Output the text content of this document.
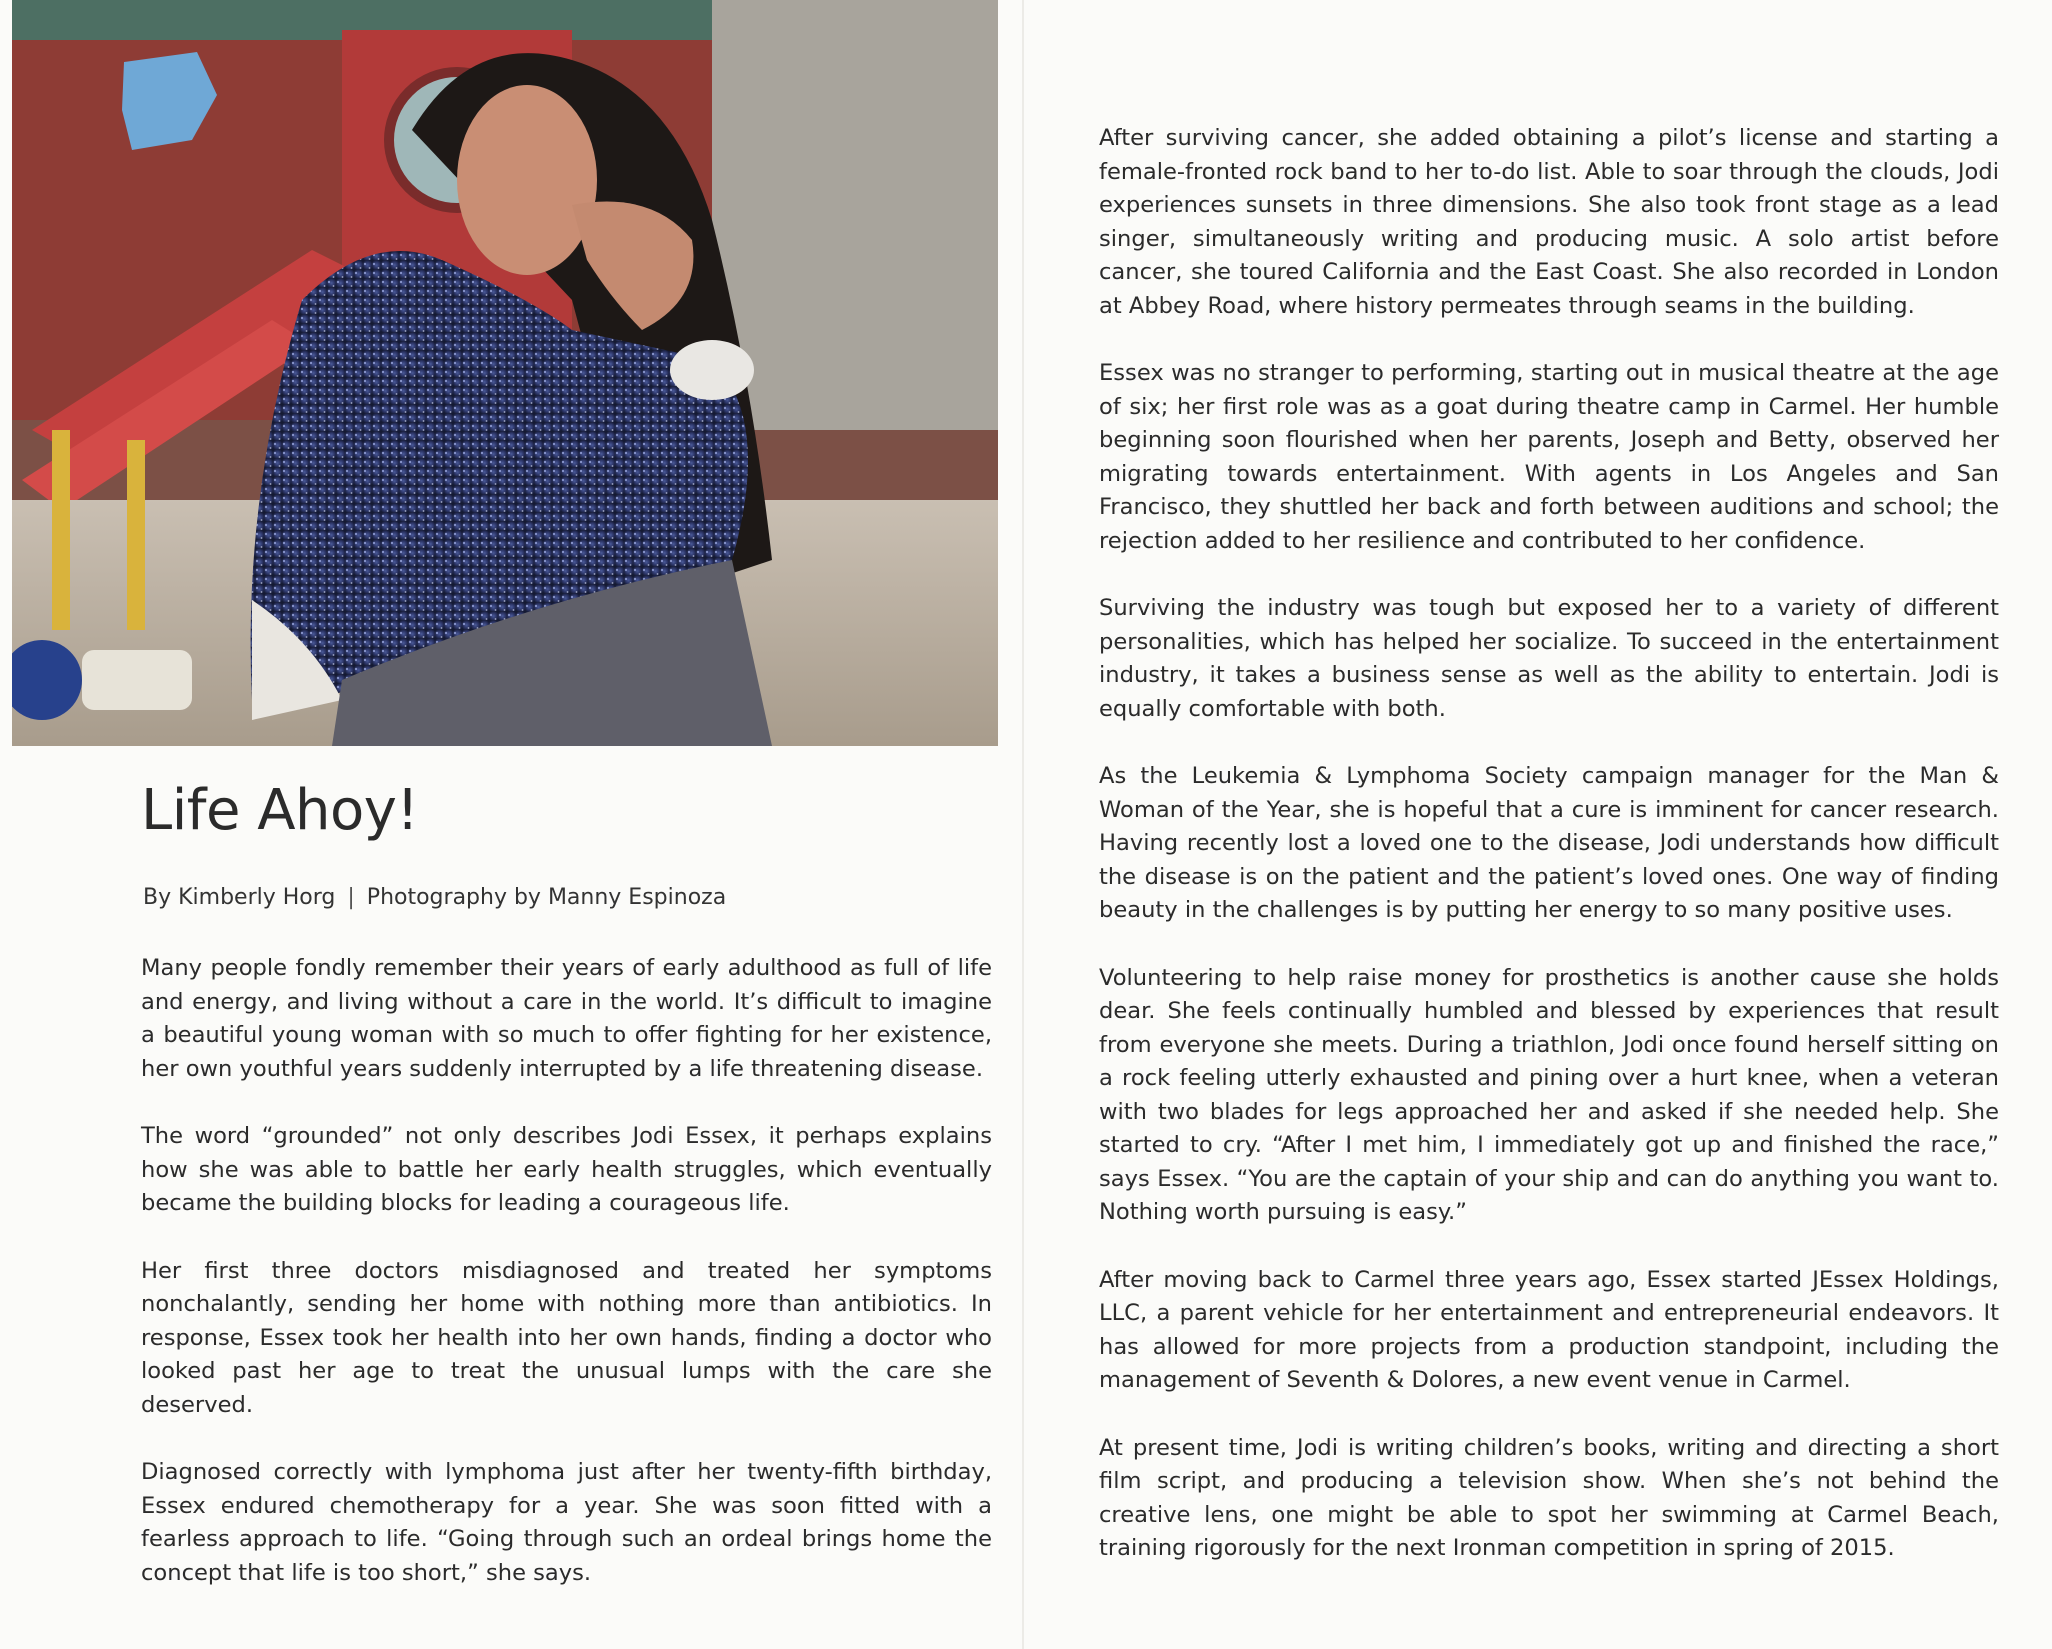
Life Ahoy!

By Kimberly Horg | Photography by Manny Espinoza

Many people fondly remember their years of early adulthood as full of life and energy, and living without a care in the world. It’s difficult to imagine a beautiful young woman with so much to offer fighting for her existence, her own youthful years suddenly interrupted by a life threatening disease.

The word “grounded” not only describes Jodi Essex, it perhaps explains how she was able to battle her early health struggles, which eventually became the building blocks for leading a courageous life.

Her first three doctors misdiagnosed and treated her symptoms nonchalantly, sending her home with nothing more than antibiotics. In response, Essex took her health into her own hands, finding a doctor who looked past her age to treat the unusual lumps with the care she deserved.

Diagnosed correctly with lymphoma just after her twenty-fifth birthday, Essex endured chemotherapy for a year. She was soon fitted with a fearless approach to life. “Going through such an ordeal brings home the concept that life is too short,” she says.

After surviving cancer, she added obtaining a pilot’s license and starting a female-fronted rock band to her to-do list. Able to soar through the clouds, Jodi experiences sunsets in three dimensions. She also took front stage as a lead singer, simultaneously writing and producing music. A solo artist before cancer, she toured California and the East Coast. She also recorded in London at Abbey Road, where history permeates through seams in the building.

Essex was no stranger to performing, starting out in musical theatre at the age of six; her first role was as a goat during theatre camp in Carmel. Her humble beginning soon flourished when her parents, Joseph and Betty, observed her migrating towards entertainment. With agents in Los Angeles and San Francisco, they shuttled her back and forth between auditions and school; the rejection added to her resilience and contributed to her confidence.

Surviving the industry was tough but exposed her to a variety of different personalities, which has helped her socialize. To succeed in the entertainment industry, it takes a business sense as well as the ability to entertain. Jodi is equally comfortable with both.

As the Leukemia & Lymphoma Society campaign manager for the Man & Woman of the Year, she is hopeful that a cure is imminent for cancer research. Having recently lost a loved one to the disease, Jodi understands how difficult the disease is on the patient and the patient’s loved ones. One way of finding beauty in the challenges is by putting her energy to so many positive uses.

Volunteering to help raise money for prosthetics is another cause she holds dear. She feels continually humbled and blessed by experiences that result from everyone she meets. During a triathlon, Jodi once found herself sitting on a rock feeling utterly exhausted and pining over a hurt knee, when a veteran with two blades for legs approached her and asked if she needed help. She started to cry. “After I met him, I immediately got up and finished the race,” says Essex. “You are the captain of your ship and can do anything you want to. Nothing worth pursuing is easy.”

After moving back to Carmel three years ago, Essex started JEssex Holdings, LLC, a parent vehicle for her entertainment and entrepreneurial endeavors. It has allowed for more projects from a production standpoint, including the management of Seventh & Dolores, a new event venue in Carmel.

At present time, Jodi is writing children’s books, writing and directing a short film script, and producing a television show. When she’s not behind the creative lens, one might be able to spot her swimming at Carmel Beach, training rigorously for the next Ironman competition in spring of 2015.
